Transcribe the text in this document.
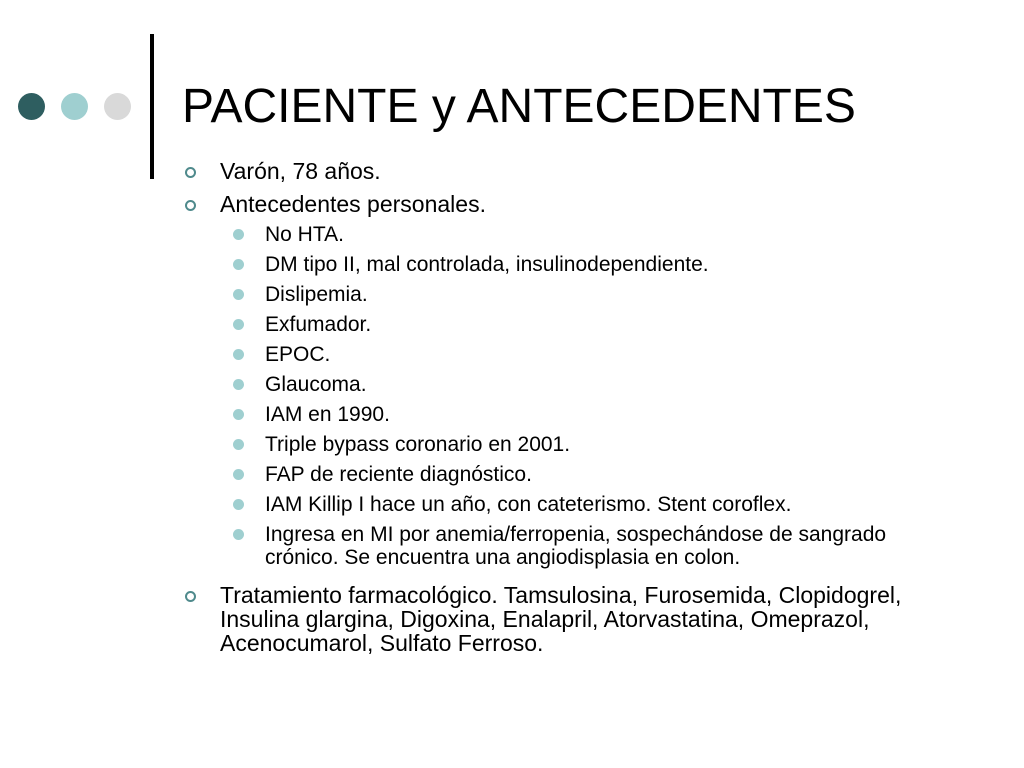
PACIENTE y ANTECEDENTES
Varón, 78 años.
Antecedentes personales.
No HTA.
DM tipo II, mal controlada, insulinodependiente.
Dislipemia.
Exfumador.
EPOC.
Glaucoma.
IAM en 1990.
Triple bypass coronario en 2001.
FAP de reciente diagnóstico.
IAM Killip I hace un año, con cateterismo. Stent coroflex.
Ingresa en MI por anemia/ferropenia, sospechándose de sangrado crónico. Se encuentra una angiodisplasia en colon.
Tratamiento farmacológico. Tamsulosina, Furosemida, Clopidogrel, Insulina glargina, Digoxina, Enalapril, Atorvastatina, Omeprazol, Acenocumarol, Sulfato Ferroso.
